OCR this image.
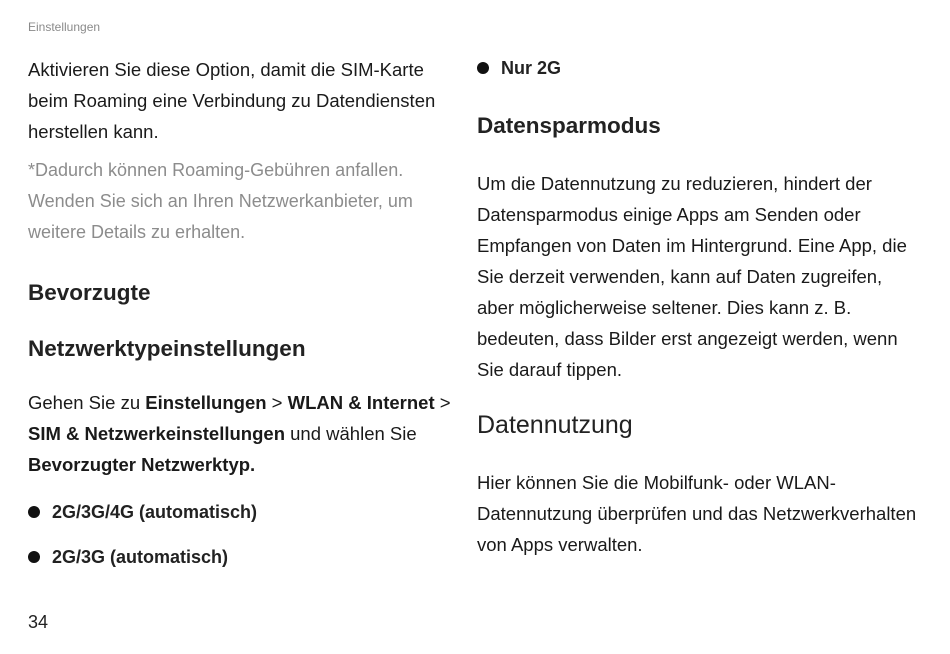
Einstellungen

Aktivieren Sie diese Option, damit die SIM-Karte beim Roaming eine Verbindung zu Datendiensten herstellen kann.

*Dadurch können Roaming-Gebühren anfallen. Wenden Sie sich an Ihren Netzwerkanbieter, um weitere Details zu erhalten.

Bevorzugte
Netzwerktypeinstellungen

Gehen Sie zu Einstellungen > WLAN & Internet > SIM & Netzwerkeinstellungen und wählen Sie Bevorzugter Netzwerktyp.

2G/3G/4G (automatisch)
2G/3G (automatisch)
Nur 2G
Datensparmodus

Um die Datennutzung zu reduzieren, hindert der Datensparmodus einige Apps am Senden oder Empfangen von Daten im Hintergrund. Eine App, die Sie derzeit verwenden, kann auf Daten zugreifen, aber möglicherweise seltener. Dies kann z. B. bedeuten, dass Bilder erst angezeigt werden, wenn Sie darauf tippen.

Datennutzung

Hier können Sie die Mobilfunk- oder WLAN-Datennutzung überprüfen und das Netzwerkverhalten von Apps verwalten.

34
